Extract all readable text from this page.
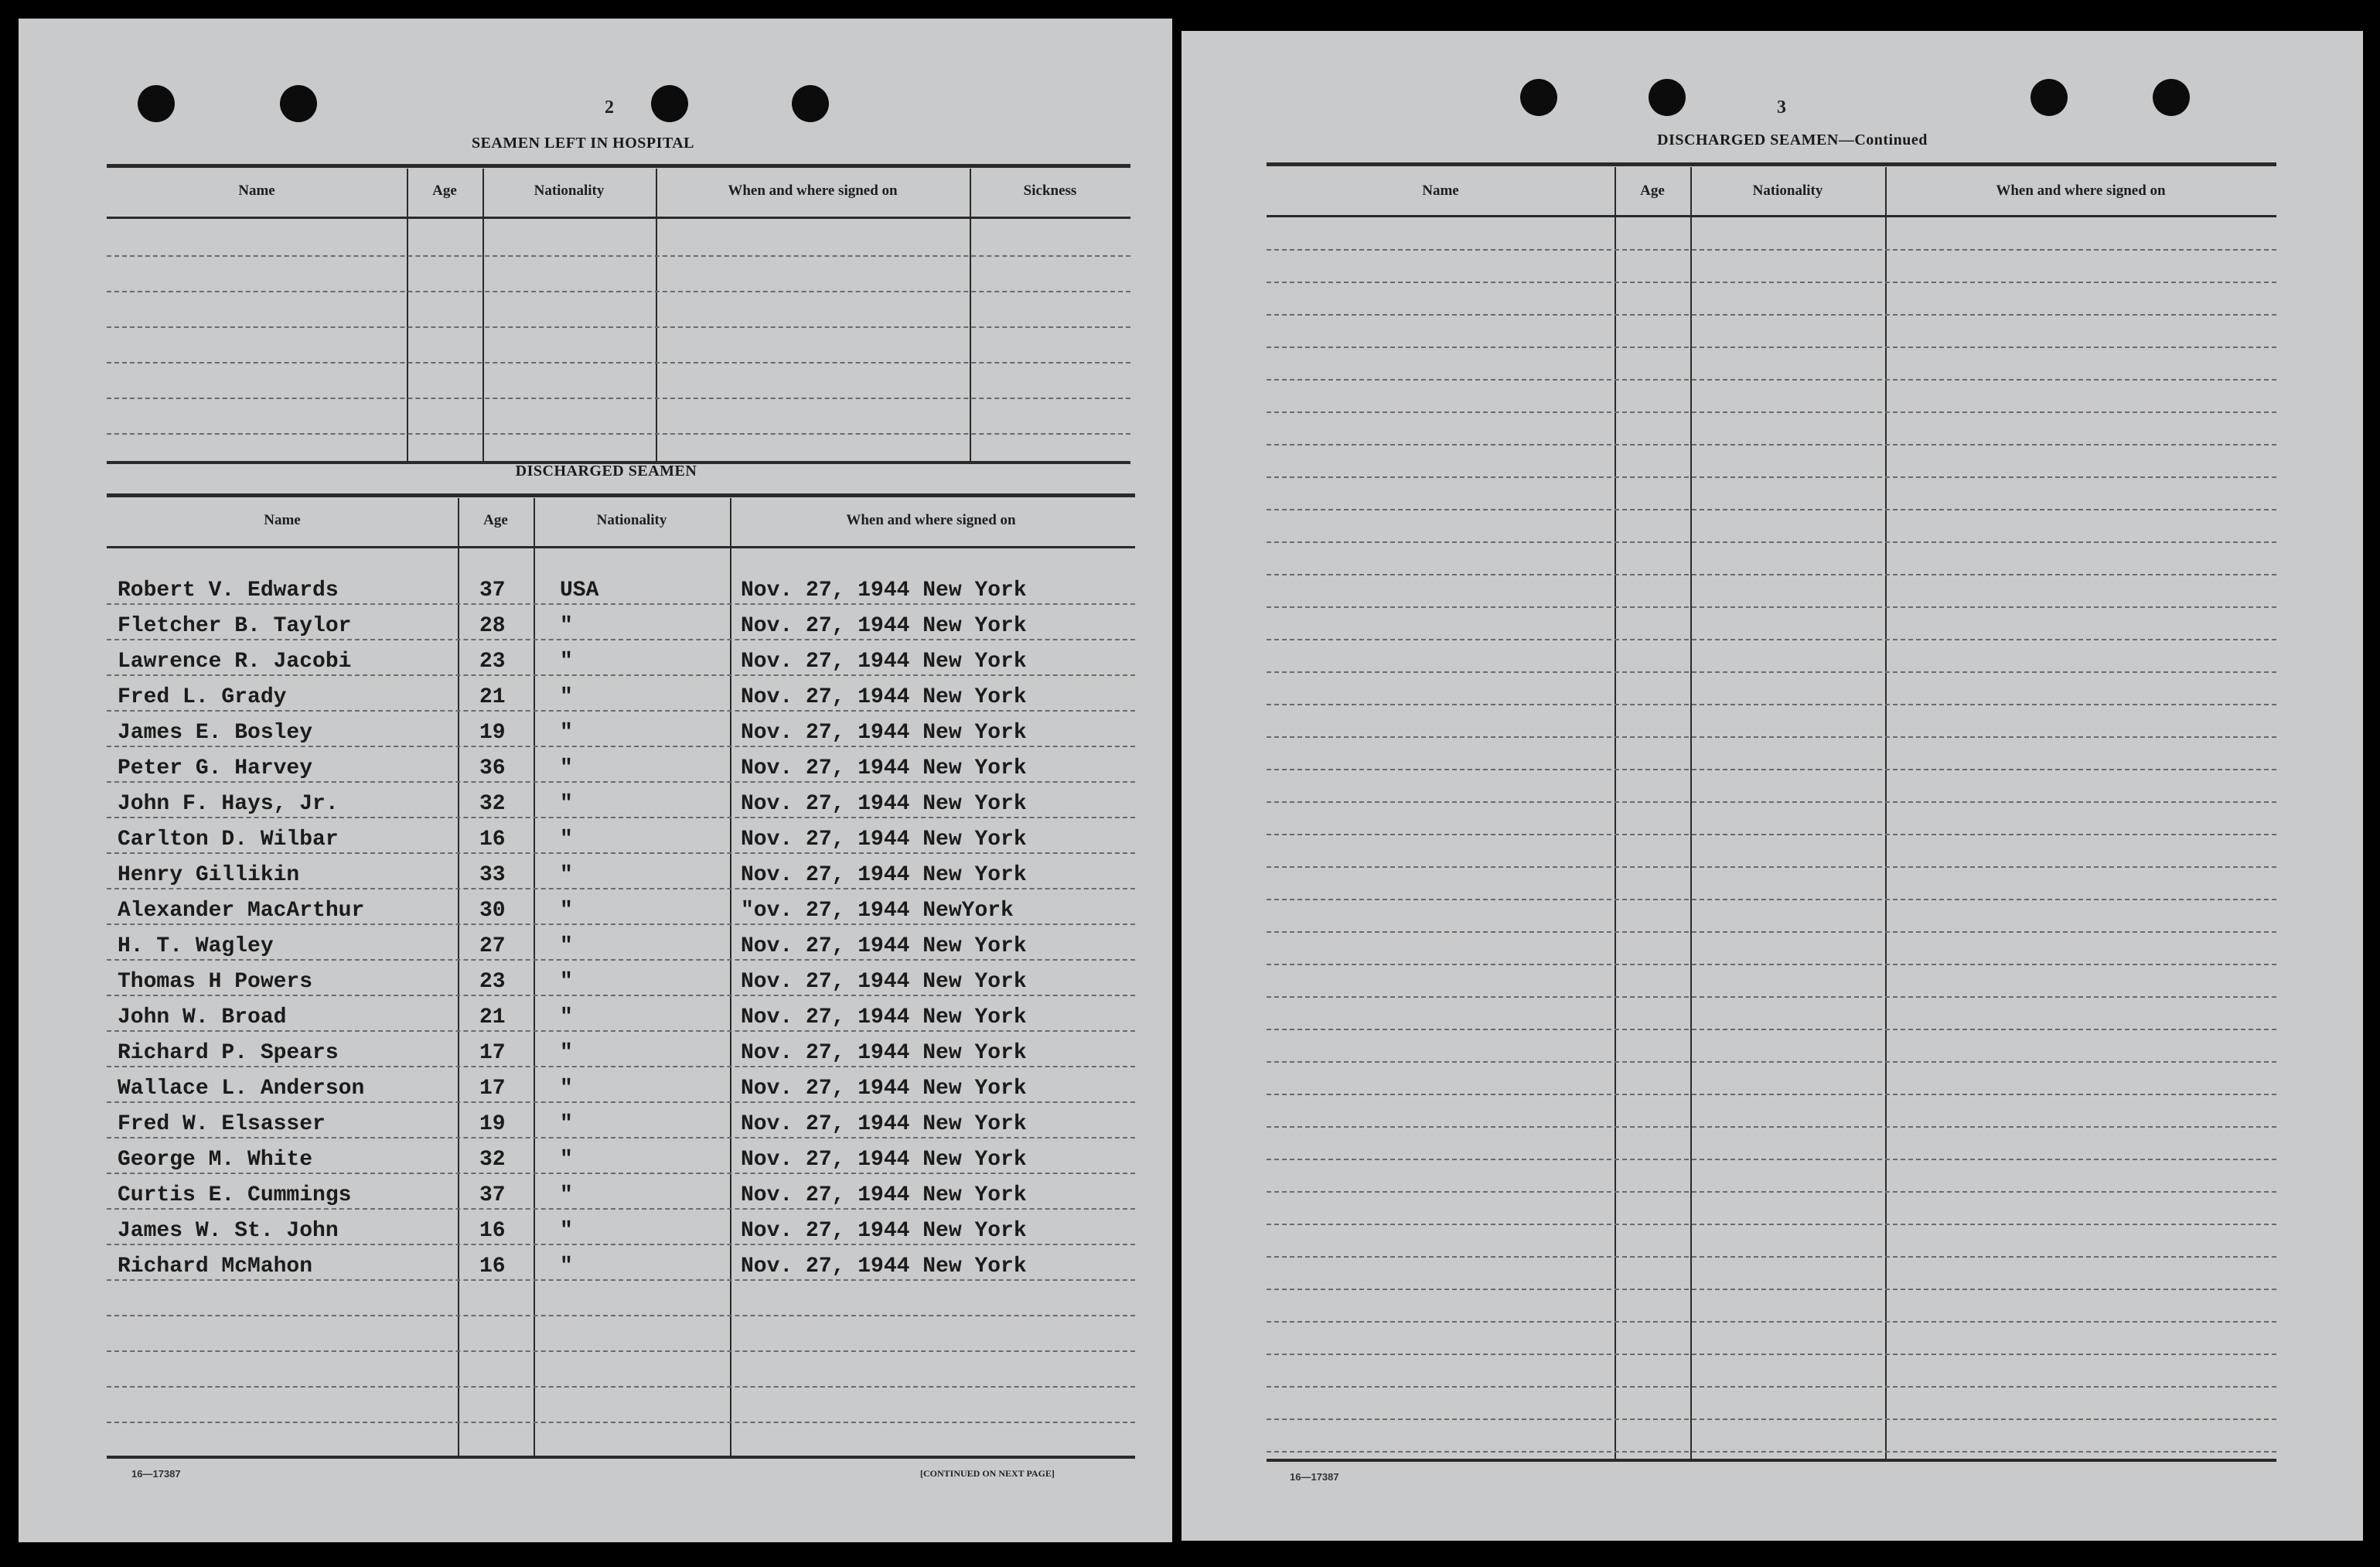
2
SEAMEN LEFT IN HOSPITAL
Name	Age	Nationality	When and where signed on	Sickness
DISCHARGED SEAMEN
Name	Age	Nationality	When and where signed on
Robert V. Edwards	37	USA	Nov. 27, 1944 New York
Fletcher B. Taylor	28	"	Nov. 27, 1944 New York
Lawrence R. Jacobi	23	"	Nov. 27, 1944 New York
Fred L. Grady	21	"	Nov. 27, 1944 New York
James E. Bosley	19	"	Nov. 27, 1944 New York
Peter G. Harvey	36	"	Nov. 27, 1944 New York
John F. Hays, Jr.	32	"	Nov. 27, 1944 New York
Carlton D. Wilbar	16	"	Nov. 27, 1944 New York
Henry Gillikin	33	"	Nov. 27, 1944 New York
Alexander MacArthur	30	"	"ov. 27, 1944 NewYork
H. T. Wagley	27	"	Nov. 27, 1944 New York
Thomas H Powers	23	"	Nov. 27, 1944 New York
John W. Broad	21	"	Nov. 27, 1944 New York
Richard P. Spears	17	"	Nov. 27, 1944 New York
Wallace L. Anderson	17	"	Nov. 27, 1944 New York
Fred W. Elsasser	19	"	Nov. 27, 1944 New York
George M. White	32	"	Nov. 27, 1944 New York
Curtis E. Cummings	37	"	Nov. 27, 1944 New York
James W. St. John	16	"	Nov. 27, 1944 New York
Richard McMahon	16	"	Nov. 27, 1944 New York
16—17387	[CONTINUED ON NEXT PAGE]
3
DISCHARGED SEAMEN—Continued
Name	Age	Nationality	When and where signed on
16—17387
